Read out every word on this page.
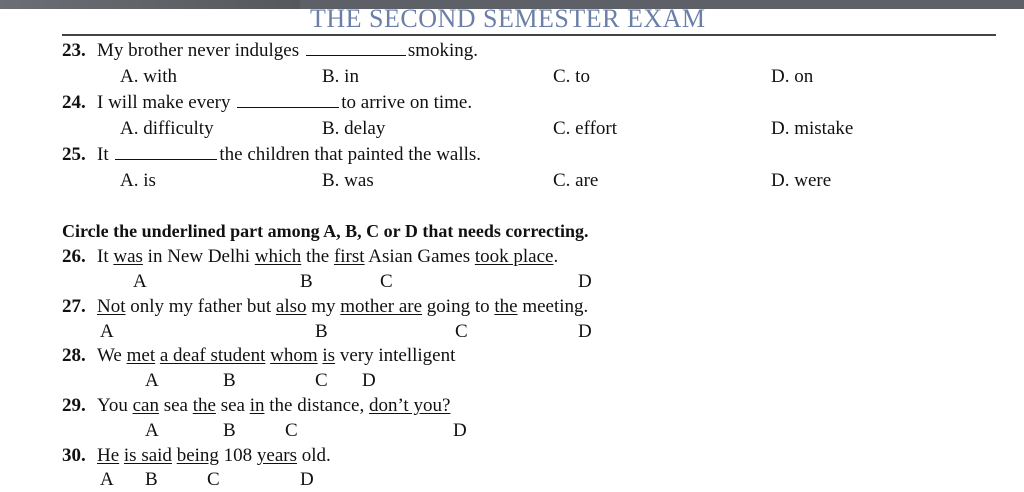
THE SECOND SEMESTER EXAM
23. My brother never indulges	smoking.
A. with	B. in	C. to	D. on
24. I will make every	to arrive on time.
A. difficulty	B. delay	C. effort	D. mistake
25. It	the children that painted the walls.
A. is	B. was	C. are	D. were
Circle the underlined part among A, B, C or D that needs correcting.
26. It was in New Delhi which the first Asian Games took place.
A	B	C	D
27. Not only my father but also my mother are going to the meeting.
A	B	C	D
28. We met a deaf student whom is very intelligent
A	B	C D
29. You can sea the sea in the distance, don’t you?
A	B	C	D
30. He is said being 108 years old.
A B	C	D
